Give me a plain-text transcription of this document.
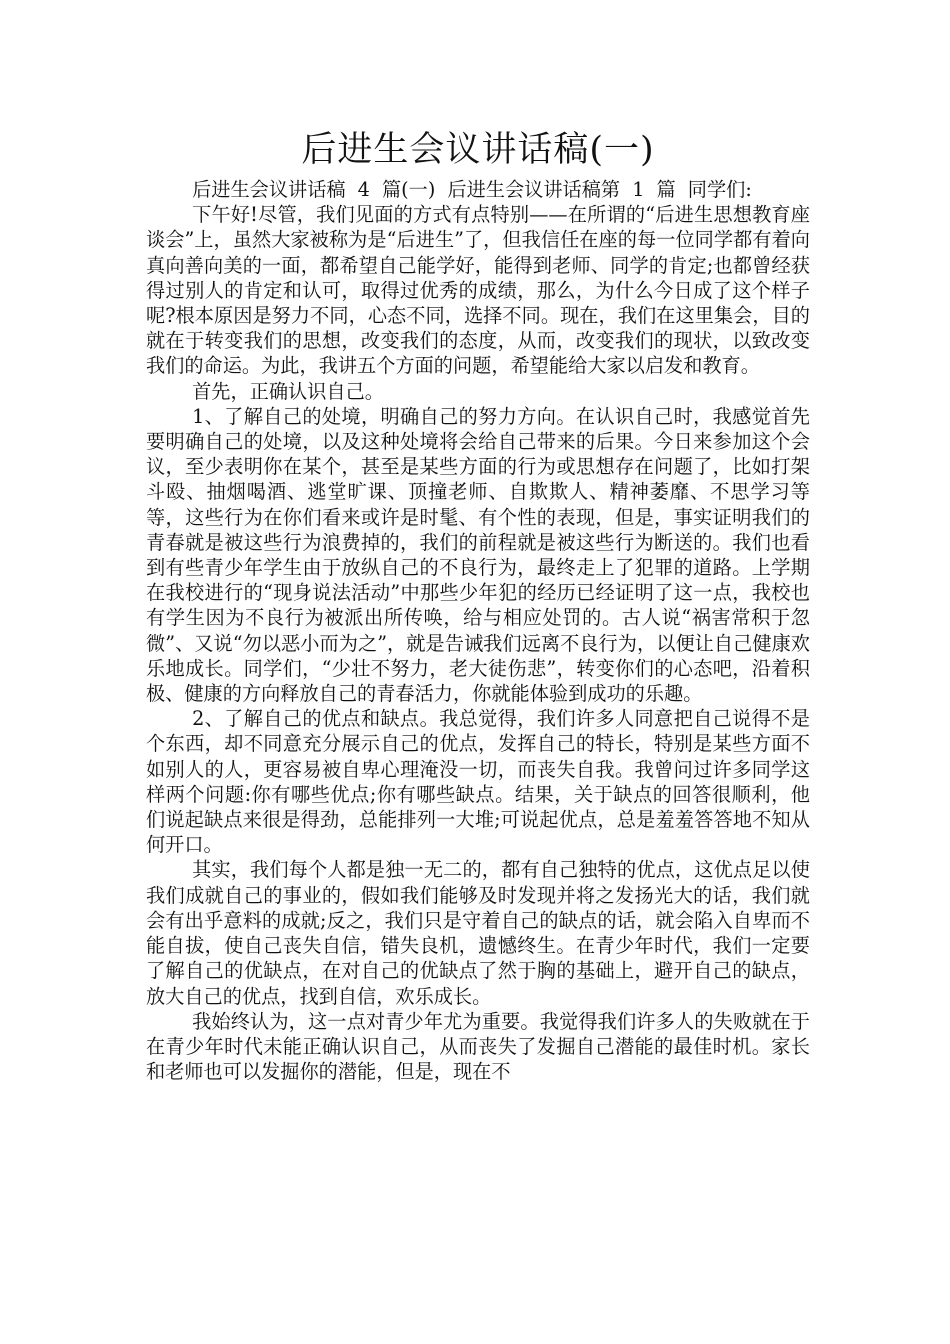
后进生会议讲话稿(一)

后进生会议讲话稿 4 篇(一) 后进生会议讲话稿第 1 篇 同学们:

下午好!尽管，我们见面的方式有点特别——在所谓的“后进生思想教育座谈会”上，虽然大家被称为是“后进生”了，但我信任在座的每一位同学都有着向真向善向美的一面，都希望自己能学好，能得到老师、同学的肯定;也都曾经获得过别人的肯定和认可，取得过优秀的成绩，那么，为什么今日成了这个样子呢?根本原因是努力不同，心态不同，选择不同。现在，我们在这里集会，目的就在于转变我们的思想，改变我们的态度，从而，改变我们的现状，以致改变我们的命运。为此，我讲五个方面的问题，希望能给大家以启发和教育。

首先，正确认识自己。

1、了解自己的处境，明确自己的努力方向。在认识自己时，我感觉首先要明确自己的处境，以及这种处境将会给自己带来的后果。今日来参加这个会议，至少表明你在某个，甚至是某些方面的行为或思想存在问题了，比如打架斗殴、抽烟喝酒、逃堂旷课、顶撞老师、自欺欺人、精神萎靡、不思学习等等，这些行为在你们看来或许是时髦、有个性的表现，但是，事实证明我们的青春就是被这些行为浪费掉的，我们的前程就是被这些行为断送的。我们也看到有些青少年学生由于放纵自己的不良行为，最终走上了犯罪的道路。上学期在我校进行的“现身说法活动”中那些少年犯的经历已经证明了这一点，我校也有学生因为不良行为被派出所传唤，给与相应处罚的。古人说“祸害常积于忽微”、又说“勿以恶小而为之”，就是告诫我们远离不良行为，以便让自己健康欢乐地成长。同学们，“少壮不努力，老大徒伤悲”，转变你们的心态吧，沿着积极、健康的方向释放自己的青春活力，你就能体验到成功的乐趣。

2、了解自己的优点和缺点。我总觉得，我们许多人同意把自己说得不是个东西，却不同意充分展示自己的优点，发挥自己的特长，特别是某些方面不如别人的人，更容易被自卑心理淹没一切，而丧失自我。我曾问过许多同学这样两个问题:你有哪些优点;你有哪些缺点。结果，关于缺点的回答很顺利，他们说起缺点来很是得劲，总能排列一大堆;可说起优点，总是羞羞答答地不知从何开口。

其实，我们每个人都是独一无二的，都有自己独特的优点，这优点足以使我们成就自己的事业的，假如我们能够及时发现并将之发扬光大的话，我们就会有出乎意料的成就;反之，我们只是守着自己的缺点的话，就会陷入自卑而不能自拔，使自己丧失自信，错失良机，遗憾终生。在青少年时代，我们一定要了解自己的优缺点，在对自己的优缺点了然于胸的基础上，避开自己的缺点，放大自己的优点，找到自信，欢乐成长。

我始终认为，这一点对青少年尤为重要。我觉得我们许多人的失败就在于在青少年时代未能正确认识自己，从而丧失了发掘自己潜能的最佳时机。家长和老师也可以发掘你的潜能，但是，现在不
